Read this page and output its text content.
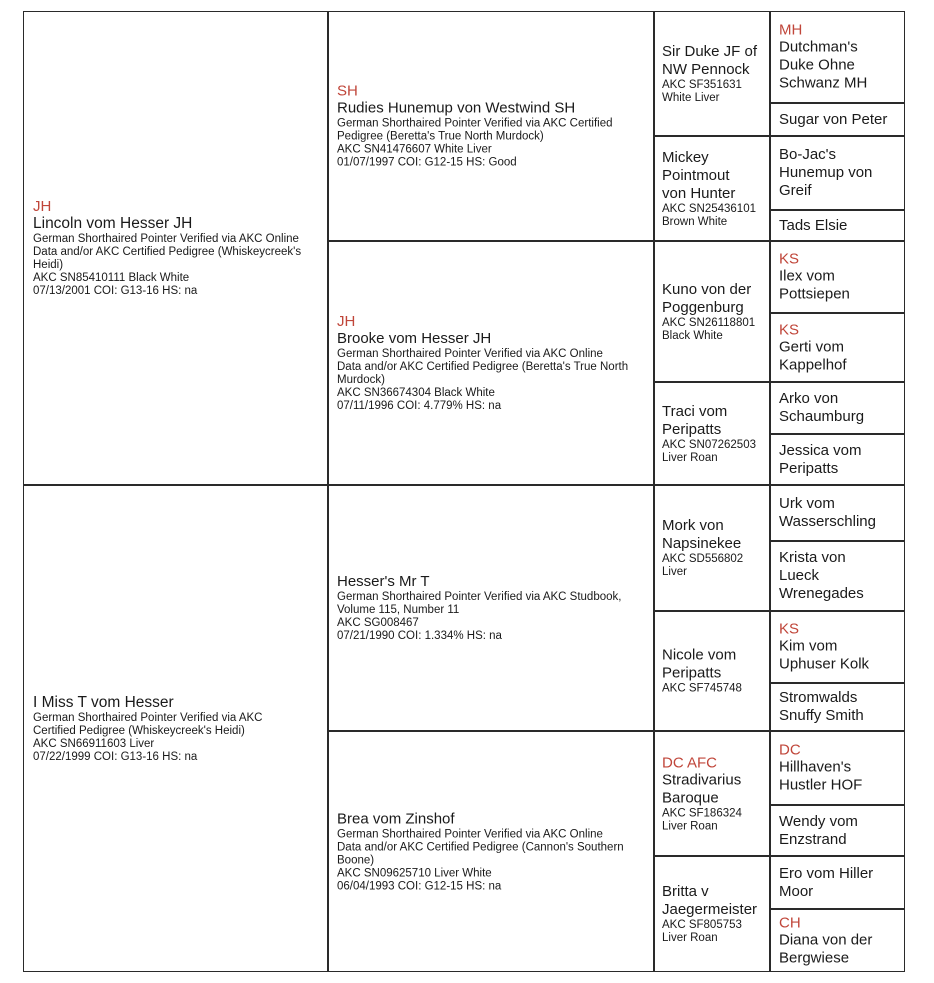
JH
Lincoln vom Hesser JH
German Shorthaired Pointer Verified via AKC Online
Data and/or AKC Certified Pedigree (Whiskeycreek's
Heidi)
AKC SN85410111 Black White
07/13/2001 COI: G13-16 HS: na
I Miss T vom Hesser
German Shorthaired Pointer Verified via AKC
Certified Pedigree (Whiskeycreek's Heidi)
AKC SN66911603 Liver
07/22/1999 COI: G13-16 HS: na
SH
Rudies Hunemup von Westwind SH
German Shorthaired Pointer Verified via AKC Certified
Pedigree (Beretta's True North Murdock)
AKC SN41476607 White Liver
01/07/1997 COI: G12-15 HS: Good
JH
Brooke vom Hesser JH
German Shorthaired Pointer Verified via AKC Online
Data and/or AKC Certified Pedigree (Beretta's True North
Murdock)
AKC SN36674304 Black White
07/11/1996 COI: 4.779% HS: na
Hesser's Mr T
German Shorthaired Pointer Verified via AKC Studbook,
Volume 115, Number 11
AKC SG008467
07/21/1990 COI: 1.334% HS: na
Brea vom Zinshof
German Shorthaired Pointer Verified via AKC Online
Data and/or AKC Certified Pedigree (Cannon's Southern
Boone)
AKC SN09625710 Liver White
06/04/1993 COI: G12-15 HS: na
Sir Duke JF of
NW Pennock
AKC SF351631
White Liver
Mickey
Pointmout
von Hunter
AKC SN25436101
Brown White
Kuno von der
Poggenburg
AKC SN26118801
Black White
Traci vom
Peripatts
AKC SN07262503
Liver Roan
Mork von
Napsinekee
AKC SD556802
Liver
Nicole vom
Peripatts
AKC SF745748
DC AFC
Stradivarius
Baroque
AKC SF186324
Liver Roan
Britta v
Jaegermeister
AKC SF805753
Liver Roan
MH
Dutchman's
Duke Ohne
Schwanz MH
Sugar von Peter
Bo-Jac's
Hunemup von
Greif
Tads Elsie
KS
Ilex vom
Pottsiepen
KS
Gerti vom
Kappelhof
Arko von
Schaumburg
Jessica vom
Peripatts
Urk vom
Wasserschling
Krista von
Lueck
Wrenegades
KS
Kim vom
Uphuser Kolk
Stromwalds
Snuffy Smith
DC
Hillhaven's
Hustler HOF
Wendy vom
Enzstrand
Ero vom Hiller
Moor
CH
Diana von der
Bergwiese
